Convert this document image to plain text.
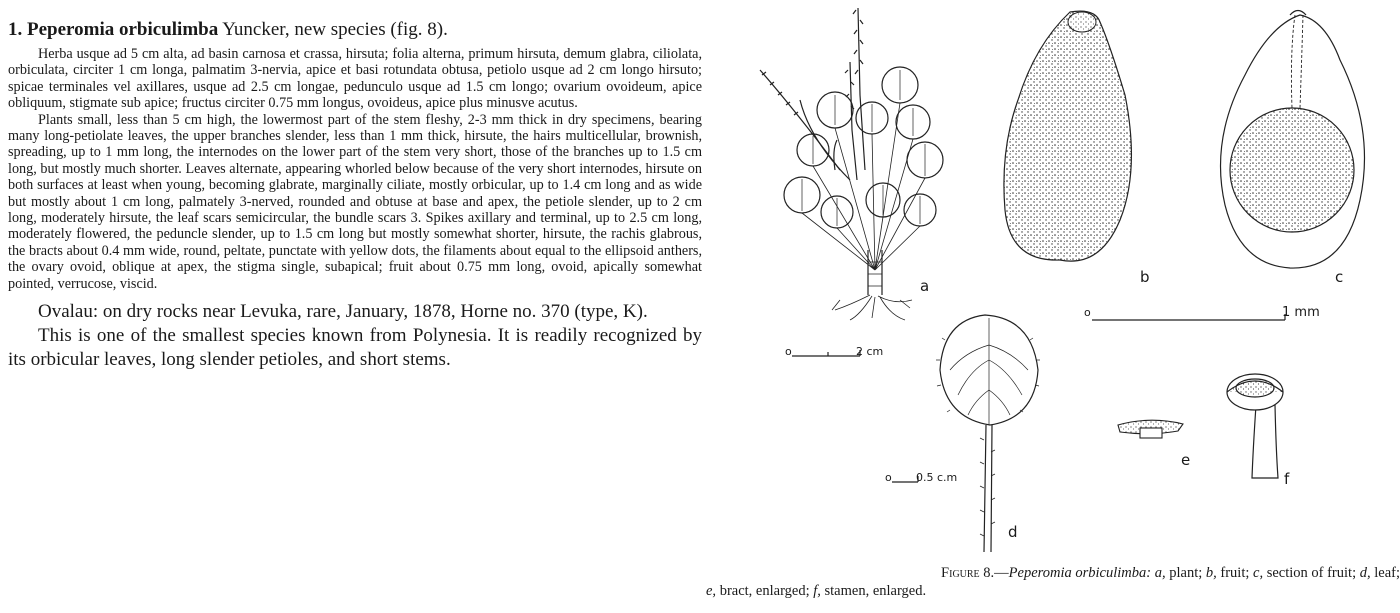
1. Peperomia orbiculimba Yuncker, new species (fig. 8).

Herba usque ad 5 cm alta, ad basin carnosa et crassa, hirsuta; folia alterna, primum hirsuta, demum glabra, ciliolata, orbiculata, circiter 1 cm longa, palmatim 3-nervia, apice et basi rotundata obtusa, petiolo usque ad 2 cm longo hirsuto; spicae terminales vel axillares, usque ad 2.5 cm longae, pedunculo usque ad 1.5 cm longo; ovarium ovoideum, apice obliquum, stigmate sub apice; fructus circiter 0.75 mm longus, ovoideus, apice plus minusve acutus.

Plants small, less than 5 cm high, the lowermost part of the stem fleshy, 2-3 mm thick in dry specimens, bearing many long-petiolate leaves, the upper branches slender, less than 1 mm thick, hirsute, the hairs multicellular, brownish, spreading, up to 1 mm long, the internodes on the lower part of the stem very short, those of the branches up to 1.5 cm long, but mostly much shorter. Leaves alternate, appearing whorled below because of the very short internodes, hirsute on both surfaces at least when young, becoming glabrate, marginally ciliate, mostly orbicular, up to 1.4 cm long and as wide but mostly about 1 cm long, palmately 3-nerved, rounded and obtuse at base and apex, the petiole slender, up to 2 cm long, moderately hirsute, the leaf scars semicircular, the bundle scars 3. Spikes axillary and terminal, up to 2.5 cm long, moderately flowered, the peduncle slender, up to 1.5 cm long but mostly somewhat shorter, hirsute, the rachis glabrous, the bracts about 0.4 mm wide, round, peltate, punctate with yellow dots, the filaments about equal to the ellipsoid anthers, the ovary ovoid, oblique at apex, the stigma single, subapical; fruit about 0.75 mm long, ovoid, apically somewhat pointed, verrucose, viscid.

Ovalau: on dry rocks near Levuka, rare, January, 1878, Horne no. 370 (type, K).

This is one of the smallest species known from Polynesia. It is readily recognized by its orbicular leaves, long slender petioles, and short stems.

a
o	2 cm
b	c
o	1 mm
d
o 0.5 c.m
e
f
Figure 8.—Peperomia orbiculimba: a, plant; b, fruit; c, section of fruit; d, leaf;
e, bract, enlarged; f, stamen, enlarged.
